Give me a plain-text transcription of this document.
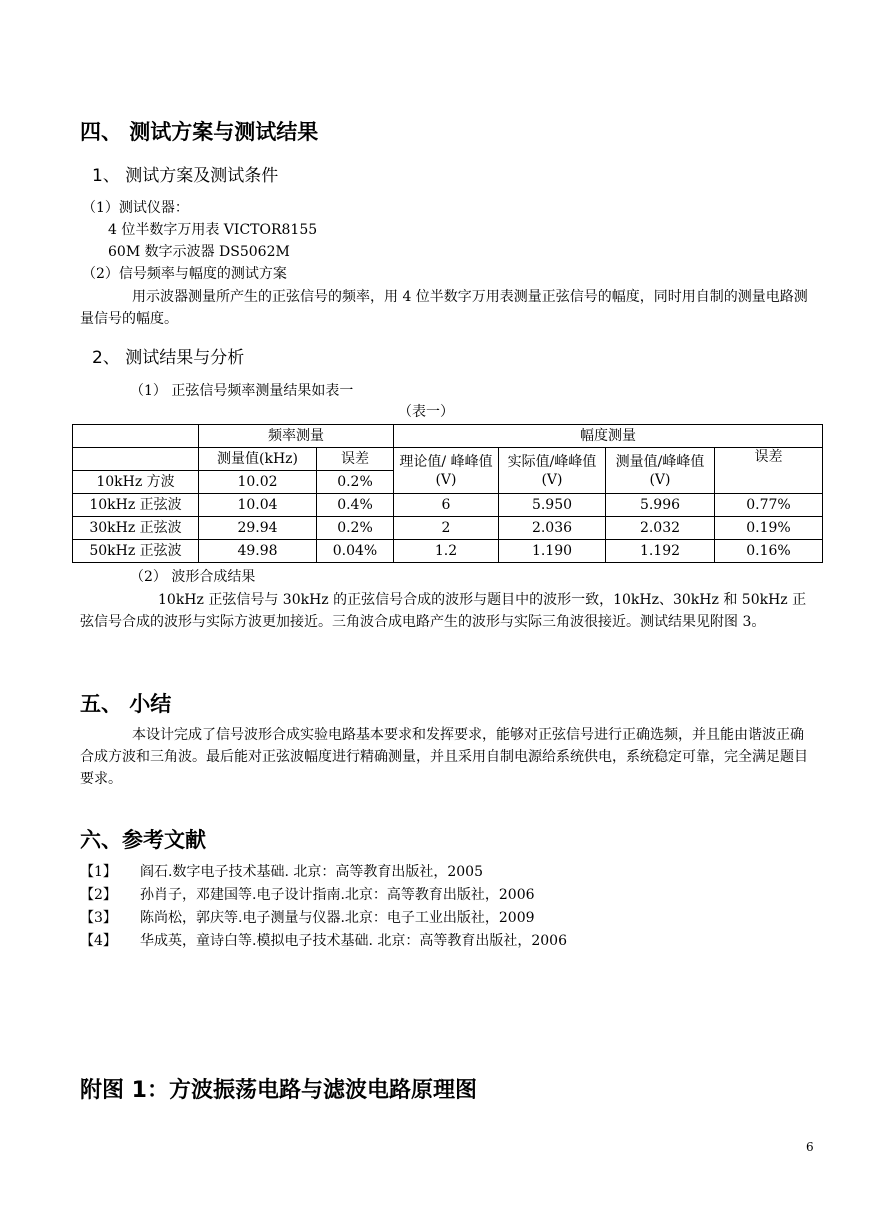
四、 测试方案与测试结果
1、 测试方案及测试条件
（1）测试仪器：
4 位半数字万用表 VICTOR8155
60M 数字示波器 DS5062M
（2）信号频率与幅度的测试方案
用示波器测量所产生的正弦信号的频率，用 4 位半数字万用表测量正弦信号的幅度，同时用自制的测量电路测量信号的幅度。
2、 测试结果与分析
（1） 正弦信号频率测量结果如表一
（表一）
	频率测量		幅度测量			
	测量值(kHz)	误差	理论值/ 峰峰值(V)	实际值/峰峰值(V)	测量值/峰峰值(V)	误差
10kHz 方波	10.02	0.2%				
10kHz 正弦波	10.04	0.4%	6	5.950	5.996	0.77%
30kHz 正弦波	29.94	0.2%	2	2.036	2.032	0.19%
50kHz 正弦波	49.98	0.04%	1.2	1.190	1.192	0.16%
（2） 波形合成结果
10kHz 正弦信号与 30kHz 的正弦信号合成的波形与题目中的波形一致，10kHz、30kHz 和 50kHz 正弦信号合成的波形与实际方波更加接近。三角波合成电路产生的波形与实际三角波很接近。测试结果见附图 3。
五、 小结
本设计完成了信号波形合成实验电路基本要求和发挥要求，能够对正弦信号进行正确选频，并且能由谐波正确合成方波和三角波。最后能对正弦波幅度进行精确测量，并且采用自制电源给系统供电，系统稳定可靠，完全满足题目要求。
六、参考文献
【1】 阎石.数字电子技术基础. 北京：高等教育出版社，2005
【2】 孙肖子，邓建国等.电子设计指南.北京：高等教育出版社，2006
【3】 陈尚松，郭庆等.电子测量与仪器.北京：电子工业出版社，2009
【4】 华成英，童诗白等.模拟电子技术基础. 北京：高等教育出版社，2006
附图 1：方波振荡电路与滤波电路原理图
6
